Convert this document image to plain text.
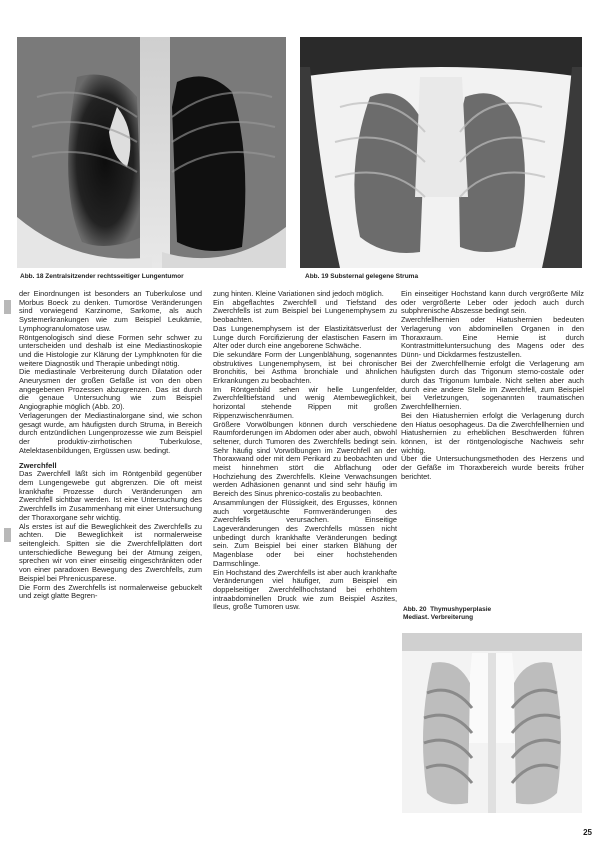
Abb. 18 Zentralsitzender rechtsseitiger Lungentumor	Abb. 19 Substernal gelegene Struma

der Einordnungen ist besonders an Tuberkulose und Morbus Boeck zu denken. Tumoröse Veränderungen sind vorwiegend Karzinome, Sarkome, als auch Systemerkrankungen wie zum Beispiel Leukämie, Lymphogranulomatose usw.

Röntgenologisch sind diese Formen sehr schwer zu unterscheiden und deshalb ist eine Mediastinoskopie und die Histologie zur Klärung der Lymphknoten für die weitere Diagnostik und Therapie unbedingt nötig.

Die mediastinale Verbreiterung durch Dilatation oder Aneurysmen der großen Gefäße ist von den oben angegebenen Prozessen abzugrenzen. Das ist durch die genaue Untersuchung wie zum Beispiel Angiographie möglich (Abb. 20).

Verlagerungen der Mediastinalorgane sind, wie schon gesagt wurde, am häufigsten durch Struma, in Bereich durch entzündlichen Lungenprozesse wie zum Beispiel der produktiv-zirrhotischen Tuberkulose, Atelektasenbildungen, Ergüssen usw. bedingt.

Zwerchfell

Das Zwerchfell läßt sich im Röntgenbild gegenüber dem Lungengewebe gut abgrenzen. Die oft meist krankhafte Prozesse durch Veränderungen am Zwerchfell sichtbar werden. Ist eine Untersuchung des Zwerchfells im Zusammenhang mit einer Untersuchung der Thoraxorgane sehr wichtig.

Als erstes ist auf die Beweglichkeit des Zwerchfells zu achten. Die Beweglichkeit ist normalerweise seitengleich. Spitten sie die Zwerchfellplätten dort unterschiedliche Bewegung bei der Atmung zeigen, sprechen wir von einer einseitig eingeschränkten oder von einer paradoxen Bewegung des Zwerchfells, zum Beispiel bei Phrenicusparese.

Die Form des Zwerchfells ist normalerweise gebuckelt und zeigt glatte Begren-

zung hinten. Kleine Variationen sind jedoch möglich.

Ein abgeflachtes Zwerchfell und Tiefstand des Zwerchfells ist zum Beispiel bei Lungenemphysem zu beobachten.

Das Lungenemphysem ist der Elastizitätsverlust der Lunge durch Forcifizierung der elastischen Fasern im Alter oder durch eine angeborene Schwäche.

Die sekundäre Form der Lungenblähung, sogenanntes obstruktives Lungenemphysem, ist bei chronischer Bronchitis, bei Asthma bronchiale und ähnlichen Erkrankungen zu beobachten.

Im Röntgenbild sehen wir helle Lungenfelder, Zwerchfelltiefstand und wenig Atembeweglichkeit, horizontal stehende Rippen mit großen Rippenzwischenräumen.

Größere Vorwölbungen können durch verschiedene Raumforderungen im Abdomen oder aber auch, obwohl seltener, durch Tumoren des Zwerchfells bedingt sein. Sehr häufig sind Vorwölbungen im Zwerchfell an der Thoraxwand oder mit dem Perikard zu beobachten und meist hinnehmen stört die Abflachung oder Hochziehung des Zwerchfells. Kleine Verwachsungen werden Adhäsionen genannt und sind sehr häufig im Bereich des Sinus phrenico-costalis zu beobachten.

Ansammlungen der Flüssigkeit, des Ergusses, können auch vorgetäuschte Formveränderungen des Zwerchfells verursachen. Einseitige Lageveränderungen des Zwerchfells müssen nicht unbedingt durch krankhafte Veränderungen bedingt sein. Zum Beispiel bei einer starken Blähung der Magenblase oder bei einer hochstehenden Darmschlinge.

Ein Hochstand des Zwerchfells ist aber auch krankhafte Veränderungen viel häufiger, zum Beispiel ein doppelseitiger Zwerchfellhochstand bei erhöhtem intraabdominellen Druck wie zum Beispiel Aszites, Ileus, große Tumoren usw.

Ein einseitiger Hochstand kann durch vergrößerte Milz oder vergrößerte Leber oder jedoch auch durch subphrenische Abszesse bedingt sein.

Zwerchfellhernien oder Hiatushernien bedeuten Verlagerung von abdominellen Organen in den Thoraxraum. Eine Hernie ist durch Kontrastmitteluntersuchung des Magens oder des Dünn- und Dickdarmes festzustellen.

Bei der Zwerchfellhernie erfolgt die Verlagerung am häufigsten durch das Trigonum sterno-costale oder durch das Trigonum lumbale. Nicht selten aber auch durch eine andere Stelle im Zwerchfell, zum Beispiel bei Verletzungen, sogenannten traumatischen Zwerchfellhernien.

Bei den Hiatushernien erfolgt die Verlagerung durch den Hiatus oesophageus. Da die Zwerchfellhernien und Hiatushernien zu erheblichen Beschwerden führen können, ist der röntgenologische Nachweis sehr wichtig.

Über die Untersuchungsmethoden des Herzens und der Gefäße im Thoraxbereich wurde bereits früher berichtet.

Abb. 20  Thymushyperplasie
Mediast. Verbreiterung
25
